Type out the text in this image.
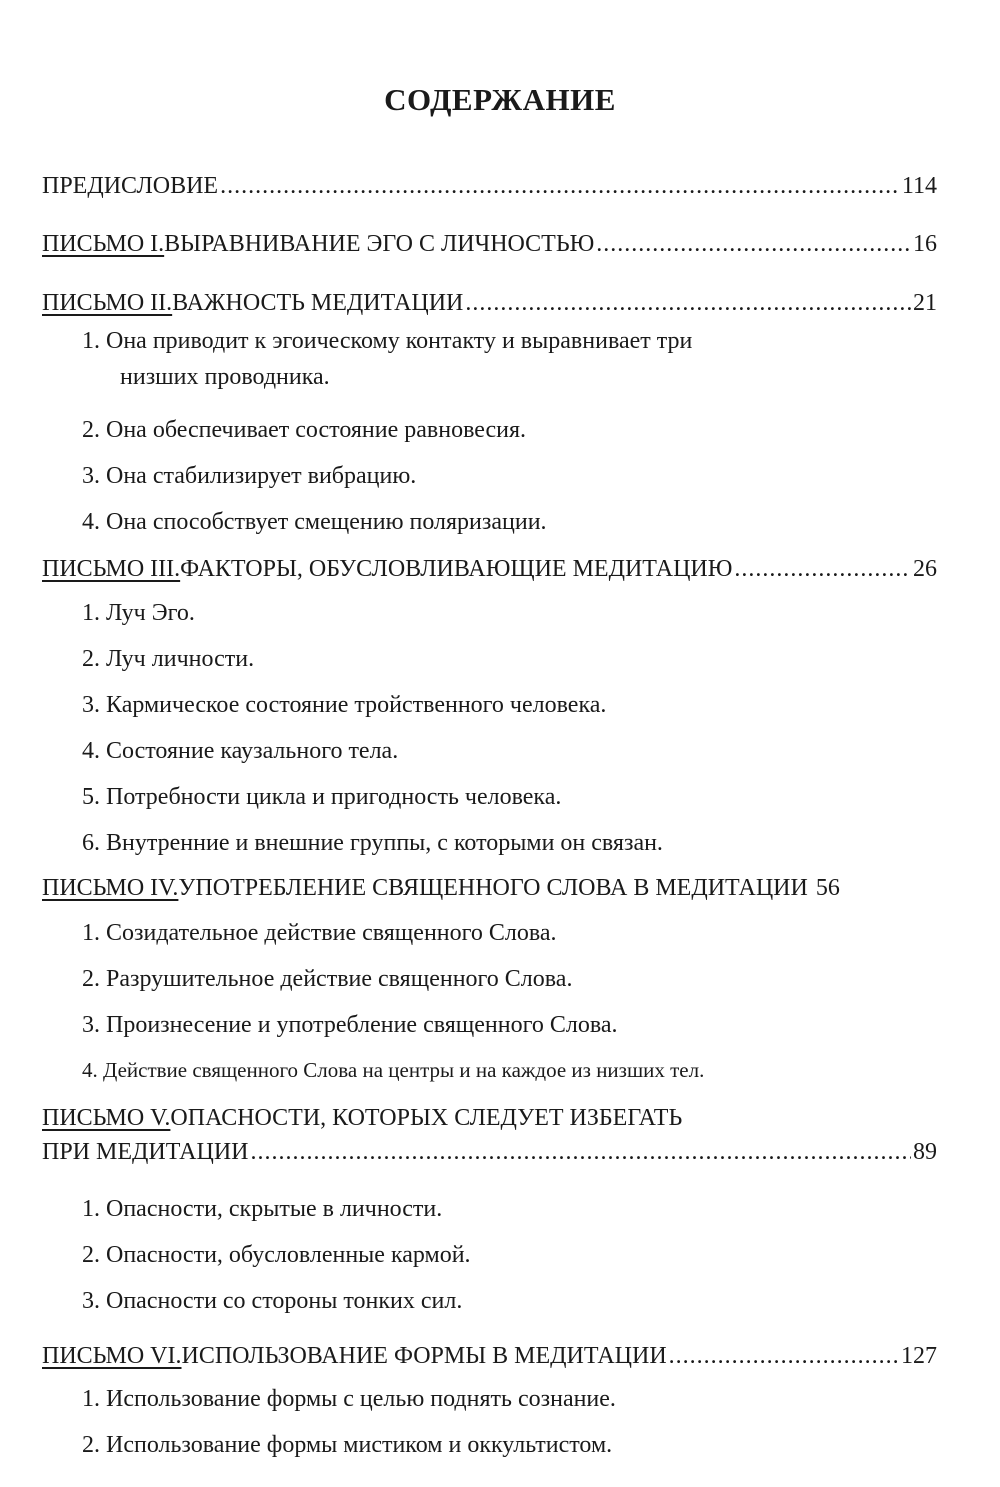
СОДЕРЖАНИЕ
ПРЕДИСЛОВИЕ .....	114
ПИСЬМО I. ВЫРАВНИВАНИЕ ЭГО С ЛИЧНОСТЬЮ .....	16
ПИСЬМО II. ВАЖНОСТЬ МЕДИТАЦИИ .....	21
1. Она приводит к эгоическому контакту и выравнивает три
низших проводника.
2. Она обеспечивает состояние равновесия.
3. Она стабилизирует вибрацию.
4. Она способствует смещению поляризации.
ПИСЬМО III. ФАКТОРЫ, ОБУСЛОВЛИВАЮЩИЕ МЕДИТАЦИЮ .....	26
1. Луч Эго.
2. Луч личности.
3. Кармическое состояние тройственного человека.
4. Состояние каузального тела.
5. Потребности цикла и пригодность человека.
6. Внутренние и внешние группы, с которыми он связан.
ПИСЬМО IV. УПОТРЕБЛЕНИЕ СВЯЩЕННОГО СЛОВА В МЕДИТАЦИИ 56
1. Созидательное действие священного Слова.
2. Разрушительное действие священного Слова.
3. Произнесение и употребление священного Слова.
4. Действие священного Слова на центры и на каждое из низших тел.
ПИСЬМО V. ОПАСНОСТИ, КОТОРЫХ СЛЕДУЕТ ИЗБЕГАТЬ
ПРИ МЕДИТАЦИИ .....	89
1. Опасности, скрытые в личности.
2. Опасности, обусловленные кармой.
3. Опасности со стороны тонких сил.
ПИСЬМО VI. ИСПОЛЬЗОВАНИЕ ФОРМЫ В МЕДИТАЦИИ .....	127
1. Использование формы с целью поднять сознание.
2. Использование формы мистиком и оккультистом.
